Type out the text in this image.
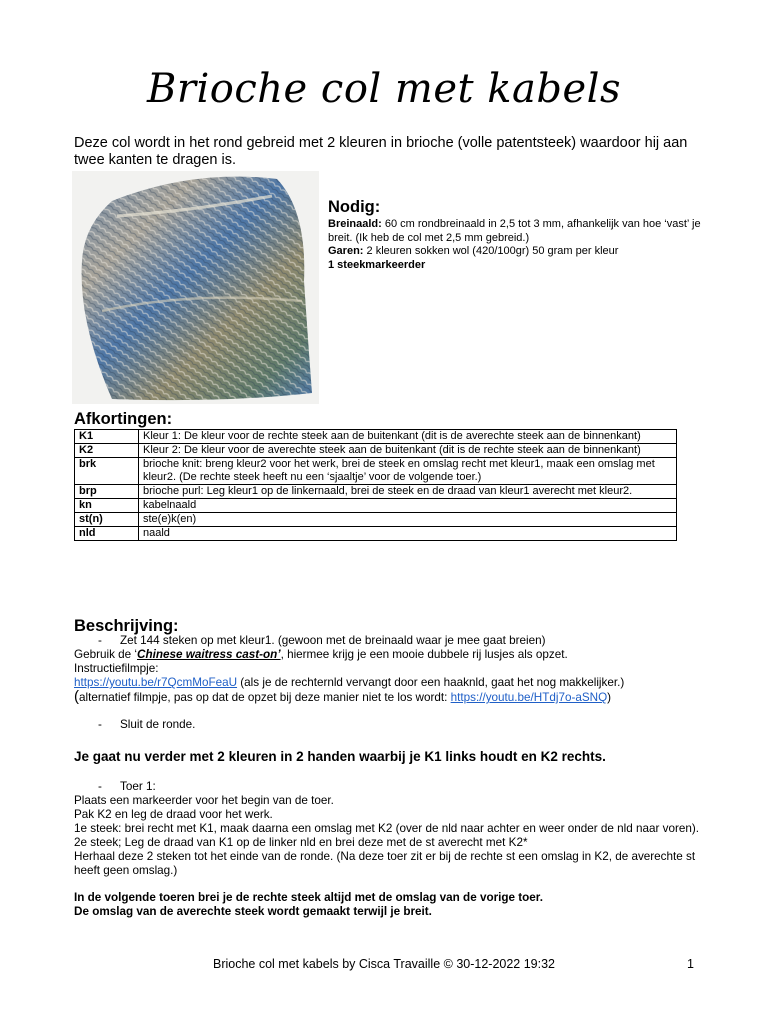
Brioche col met kabels
Deze col wordt in het rond gebreid met 2 kleuren in brioche (volle patentsteek) waardoor hij aan twee kanten te dragen is.
Nodig:

Breinaald: 60 cm rondbreinaald in 2,5 tot 3 mm, afhankelijk van hoe ‘vast’ je breit. (Ik heb de col met 2,5 mm gebreid.)

Garen: 2 kleuren sokken wol (420/100gr) 50 gram per kleur

1 steekmarkeerder

Afkortingen:
K1	Kleur 1: De kleur voor de rechte steek aan de buitenkant (dit is de averechte steek aan de binnenkant)
K2	Kleur 2: De kleur voor de averechte steek aan de buitenkant (dit is de rechte steek aan de binnenkant)
brk	brioche knit: breng kleur2 voor het werk, brei de steek en omslag recht met kleur1, maak een omslag met kleur2. (De rechte steek heeft nu een ‘sjaaltje’ voor de volgende toer.)
brp	brioche purl: Leg kleur1 op de linkernaald, brei de steek en de draad van kleur1 averecht met kleur2.
kn	kabelnaald
st(n)	ste(e)k(en)
nld	naald
Beschrijving:

- Zet 144 steken op met kleur1. (gewoon met de breinaald waar je mee gaat breien)

Gebruik de ‘Chinese waitress cast-on’, hiermee krijg je een mooie dubbele rij lusjes als opzet.

Instructiefilmpje:

https://youtu.be/r7QcmMoFeaU (als je de rechternld vervangt door een haaknld, gaat het nog makkelijker.)

(alternatief filmpje, pas op dat de opzet bij deze manier niet te los wordt: https://youtu.be/HTdj7o-aSNQ)

- Sluit de ronde.

Je gaat nu verder met 2 kleuren in 2 handen waarbij je K1 links houdt en K2 rechts.

- Toer 1:

Plaats een markeerder voor het begin van de toer.

Pak K2 en leg de draad voor het werk.

1e steek: brei recht met K1, maak daarna een omslag met K2 (over de nld naar achter en weer onder de nld naar voren).

2e steek; Leg de draad van K1 op de linker nld en brei deze met de st averecht met K2*

Herhaal deze 2 steken tot het einde van de ronde. (Na deze toer zit er bij de rechte st een omslag in K2, de averechte st heeft geen omslag.)

In de volgende toeren brei je de rechte steek altijd met de omslag van de vorige toer.

De omslag van de averechte steek wordt gemaakt terwijl je breit.

Brioche col met kabels by Cisca Travaille © 30-12-2022 19:32	1
